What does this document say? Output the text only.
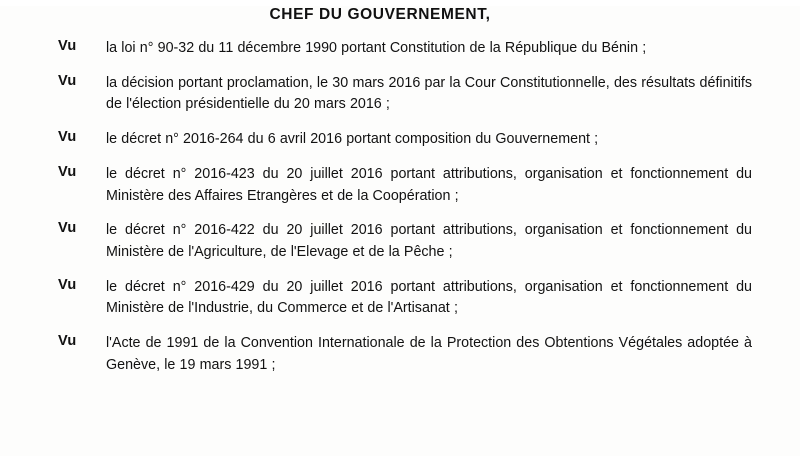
CHEF DU GOUVERNEMENT,
Vu	la loi n° 90-32 du 11 décembre 1990 portant Constitution de la République du Bénin ;
Vu	la décision portant proclamation, le 30 mars 2016 par la Cour Constitutionnelle, des résultats définitifs de l'élection présidentielle du 20 mars 2016 ;
Vu	le décret n° 2016-264 du 6 avril 2016 portant composition du Gouvernement ;
Vu	le décret n° 2016-423 du 20 juillet 2016 portant attributions, organisation et fonctionnement du Ministère des Affaires Etrangères et de la Coopération ;
Vu	le décret n° 2016-422 du 20 juillet 2016 portant attributions, organisation et fonctionnement du Ministère de l'Agriculture, de l'Elevage et de la Pêche ;
Vu	le décret n° 2016-429 du 20 juillet 2016 portant attributions, organisation et fonctionnement du Ministère de l'Industrie, du Commerce et de l'Artisanat ;
Vu	l'Acte de 1991 de la Convention Internationale de la Protection des Obtentions Végétales adoptée à Genève, le 19 mars 1991 ;
